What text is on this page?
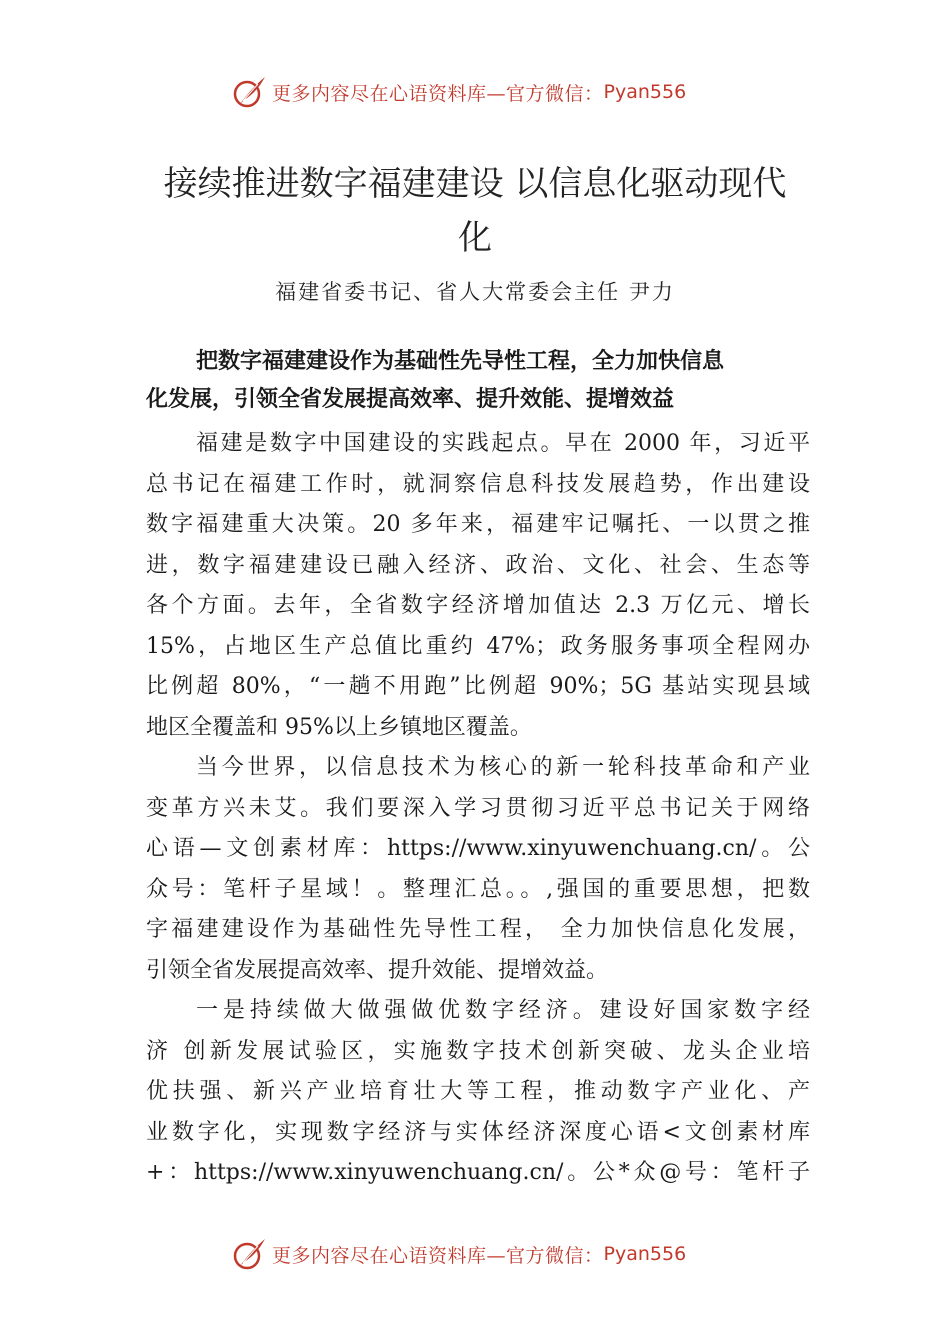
更多内容尽在心语资料库—官方微信： Pyan556
接续推进数字福建建设 以信息化驱动现代
化
福建省委书记、省人大常委会主任 尹力
把数字福建建设作为基础性先导性工程，全力加快信息
化发展，引领全省发展提高效率、提升效能、提增效益
福建是数字中国建设的实践起点。早在 2000 年，习近平
总书记在福建工作时，就洞察信息科技发展趋势，作出建设
数字福建重大决策。20 多年来，福建牢记嘱托、一以贯之推
进，数字福建建设已融入经济、政治、文化、社会、生态等
各个方面。去年，全省数字经济增加值达 2.3 万亿元、增长
15%，占地区生产总值比重约 47%；政务服务事项全程网办
比例超 80%，“一趟不用跑”比例超 90%；5G 基站实现县域
地区全覆盖和 95%以上乡镇地区覆盖。
当今世界，以信息技术为核心的新一轮科技革命和产业
变革方兴未艾。我们要深入学习贯彻习近平总书记关于网络
心语—文创素材库：https://www.xinyuwenchuang.cn/。公
众号：笔杆子星域！。整理汇总。。,强国的重要思想，把数
字福建建设作为基础性先导性工程， 全力加快信息化发展，
引领全省发展提高效率、提升效能、提增效益。
一是持续做大做强做优数字经济。建设好国家数字经
济 创新发展试验区，实施数字技术创新突破、龙头企业培
优扶强、新兴产业培育壮大等工程，推动数字产业化、产
业数字化，实现数字经济与实体经济深度心语<文创素材库
+：https://www.xinyuwenchuang.cn/。公*众@号：笔杆子
更多内容尽在心语资料库—官方微信： Pyan556
